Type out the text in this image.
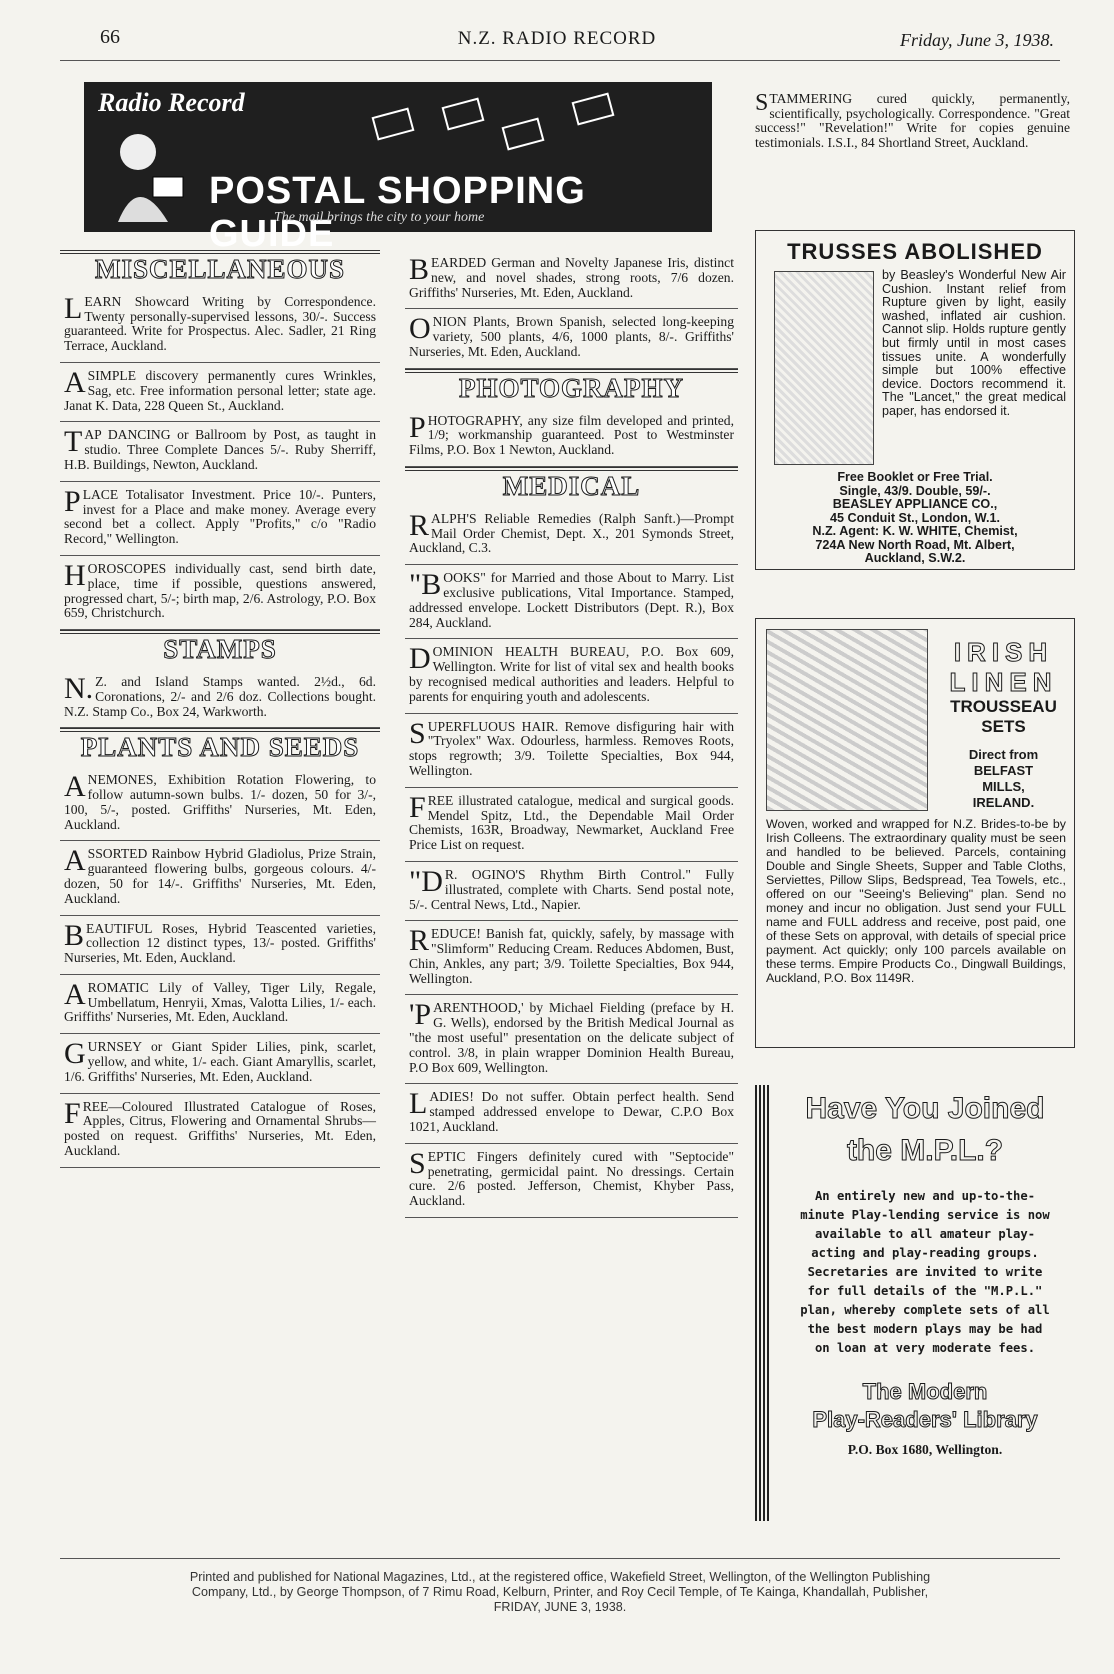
66	N.Z. RADIO RECORD	Friday, June 3, 1938.
Radio Record
POSTAL SHOPPING GUIDE
The mail brings the city to your home
MISCELLANEOUS
LEARN Showcard Writing by Correspondence. Twenty personally-supervised lessons, 30/-. Success guaranteed. Write for Prospectus. Alec. Sadler, 21 Ring Terrace, Auckland.
ASIMPLE discovery permanently cures Wrinkles, Sag, etc. Free information personal letter; state age. Janat K. Data, 228 Queen St., Auckland.
TAP DANCING or Ballroom by Post, as taught in studio. Three Complete Dances 5/-. Ruby Sherriff, H.B. Buildings, Newton, Auckland.
PLACE Totalisator Investment. Price 10/-. Punters, invest for a Place and make money. Average every second bet a collect. Apply "Profits," c/o "Radio Record," Wellington.
HOROSCOPES individually cast, send birth date, place, time if possible, questions answered, progressed chart, 5/-; birth map, 2/6. Astrology, P.O. Box 659, Christchurch.
STAMPS
N.Z. and Island Stamps wanted. 2½d., 6d. Coronations, 2/- and 2/6 doz. Collections bought. N.Z. Stamp Co., Box 24, Warkworth.
PLANTS AND SEEDS
ANEMONES, Exhibition Rotation Flowering, to follow autumn-sown bulbs. 1/- dozen, 50 for 3/-, 100, 5/-, posted. Griffiths' Nurseries, Mt. Eden, Auckland.
ASSORTED Rainbow Hybrid Gladiolus, Prize Strain, guaranteed flowering bulbs, gorgeous colours. 4/- dozen, 50 for 14/-. Griffiths' Nurseries, Mt. Eden, Auckland.
BEAUTIFUL Roses, Hybrid Teascented varieties, collection 12 distinct types, 13/- posted. Griffiths' Nurseries, Mt. Eden, Auckland.
AROMATIC Lily of Valley, Tiger Lily, Regale, Umbellatum, Henryii, Xmas, Valotta Lilies, 1/- each. Griffiths' Nurseries, Mt. Eden, Auckland.
GURNSEY or Giant Spider Lilies, pink, scarlet, yellow, and white, 1/- each. Giant Amaryllis, scarlet, 1/6. Griffiths' Nurseries, Mt. Eden, Auckland.
FREE—Coloured Illustrated Catalogue of Roses, Apples, Citrus, Flowering and Ornamental Shrubs—posted on request. Griffiths' Nurseries, Mt. Eden, Auckland.
BEARDED German and Novelty Japanese Iris, distinct new, and novel shades, strong roots, 7/6 dozen. Griffiths' Nurseries, Mt. Eden, Auckland.
ONION Plants, Brown Spanish, selected long-keeping variety, 500 plants, 4/6, 1000 plants, 8/-. Griffiths' Nurseries, Mt. Eden, Auckland.
PHOTOGRAPHY
PHOTOGRAPHY, any size film developed and printed, 1/9; workmanship guaranteed. Post to Westminster Films, P.O. Box 1 Newton, Auckland.
MEDICAL
RALPH'S Reliable Remedies (Ralph Sanft.)—Prompt Mail Order Chemist, Dept. X., 201 Symonds Street, Auckland, C.3.
"BOOKS" for Married and those About to Marry. List exclusive publications, Vital Importance. Stamped, addressed envelope. Lockett Distributors (Dept. R.), Box 284, Auckland.
DOMINION HEALTH BUREAU, P.O. Box 609, Wellington. Write for list of vital sex and health books by recognised medical authorities and leaders. Helpful to parents for enquiring youth and adolescents.
SUPERFLUOUS HAIR. Remove disfiguring hair with "Tryolex" Wax. Odourless, harmless. Removes Roots, stops regrowth; 3/9. Toilette Specialties, Box 944, Wellington.
FREE illustrated catalogue, medical and surgical goods. Mendel Spitz, Ltd., the Dependable Mail Order Chemists, 163R, Broadway, Newmarket, Auckland Free Price List on request.
"DR. OGINO'S Rhythm Birth Control." Fully illustrated, complete with Charts. Send postal note, 5/-. Central News, Ltd., Napier.
REDUCE! Banish fat, quickly, safely, by massage with "Slimform" Reducing Cream. Reduces Abdomen, Bust, Chin, Ankles, any part; 3/9. Toilette Specialties, Box 944, Wellington.
'PARENTHOOD,' by Michael Fielding (preface by H. G. Wells), endorsed by the British Medical Journal as "the most useful" presentation on the delicate subject of control. 3/8, in plain wrapper Dominion Health Bureau, P.O Box 609, Wellington.
LADIES! Do not suffer. Obtain perfect health. Send stamped addressed envelope to Dewar, C.P.O Box 1021, Auckland.
SEPTIC Fingers definitely cured with "Septocide" penetrating, germicidal paint. No dressings. Certain cure. 2/6 posted. Jefferson, Chemist, Khyber Pass, Auckland.
STAMMERING cured quickly, permanently, scientifically, psychologically. Correspondence. "Great success!" "Revelation!" Write for copies genuine testimonials. I.S.I., 84 Shortland Street, Auckland.
TRUSSES ABOLISHED
by Beasley's Wonderful New Air Cushion. Instant relief from Rupture given by light, easily washed, inflated air cushion. Cannot slip. Holds rupture gently but firmly until in most cases tissues unite. A wonderfully simple but 100% effective device. Doctors recommend it. The "Lancet," the great medical paper, has endorsed it.
Free Booklet or Free Trial.
Single, 43/9. Double, 59/-.
BEASLEY APPLIANCE CO.,
45 Conduit St., London, W.1.
N.Z. Agent: K. W. WHITE, Chemist,
724A New North Road, Mt. Albert,
Auckland, S.W.2.
IRISH
LINEN
TROUSSEAU
SETS
Direct from
BELFAST
MILLS,
IRELAND.
Woven, worked and wrapped for N.Z. Brides-to-be by Irish Colleens. The extraordinary quality must be seen and handled to be believed. Parcels, containing Double and Single Sheets, Supper and Table Cloths, Serviettes, Pillow Slips, Bedspread, Tea Towels, etc., offered on our "Seeing's Believing" plan. Send no money and incur no obligation. Just send your FULL name and FULL address and receive, post paid, one of these Sets on approval, with details of special price payment. Act quickly; only 100 parcels available on these terms. Empire Products Co., Dingwall Buildings, Auckland, P.O. Box 1149R.
Have You Joined
the M.P.L.?
An entirely new and up-to-the-minute Play-lending service is now available to all amateur play-acting and play-reading groups. Secretaries are invited to write for full details of the "M.P.L." plan, whereby complete sets of all the best modern plays may be had on loan at very moderate fees.
The Modern
Play-Readers' Library
P.O. Box 1680, Wellington.
Printed and published for National Magazines, Ltd., at the registered office, Wakefield Street, Wellington, of the Wellington Publishing
Company, Ltd., by George Thompson, of 7 Rimu Road, Kelburn, Printer, and Roy Cecil Temple, of Te Kainga, Khandallah, Publisher,
FRIDAY, JUNE 3, 1938.
